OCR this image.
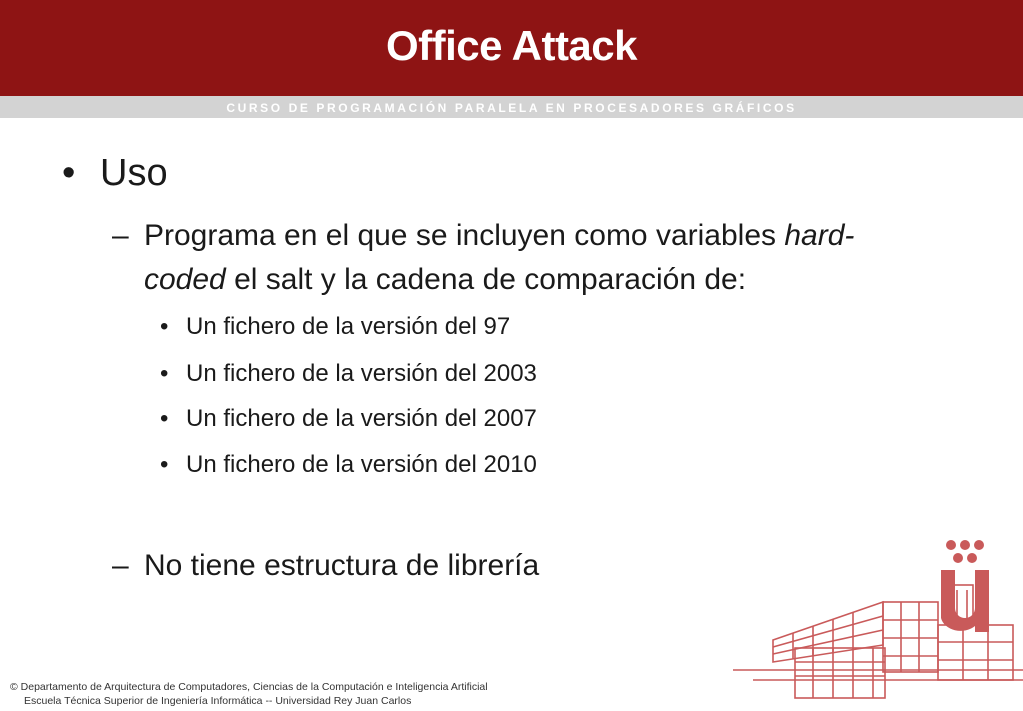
Office Attack
CURSO DE PROGRAMACIÓN PARALELA EN PROCESADORES GRÁFICOS
• Uso
– Programa en el que se incluyen como variables hard-
coded el salt y la cadena de comparación de:
• Un fichero de la versión del 97
• Un fichero de la versión del 2003
• Un fichero de la versión del 2007
• Un fichero de la versión del 2010
– No tiene estructura de librería
© Departamento de Arquitectura de Computadores, Ciencias de la Computación e Inteligencia Artificial
Escuela Técnica Superior de Ingeniería Informática -- Universidad Rey Juan Carlos
